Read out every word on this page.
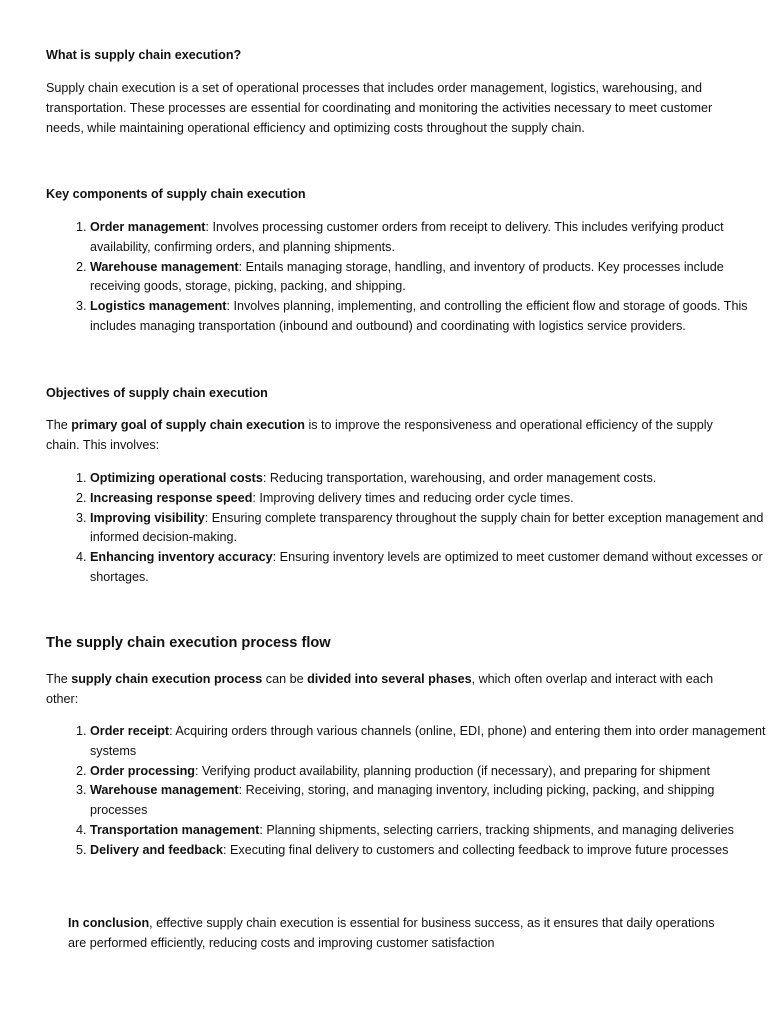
What is supply chain execution?

Supply chain execution is a set of operational processes that includes order management, logistics, warehousing, and transportation. These processes are essential for coordinating and monitoring the activities necessary to meet customer needs, while maintaining operational efficiency and optimizing costs throughout the supply chain.

Key components of supply chain execution
1. Order management: Involves processing customer orders from receipt to delivery. This includes verifying product availability, confirming orders, and planning shipments.
2. Warehouse management: Entails managing storage, handling, and inventory of products. Key processes include receiving goods, storage, picking, packing, and shipping.
3. Logistics management: Involves planning, implementing, and controlling the efficient flow and storage of goods. This includes managing transportation (inbound and outbound) and coordinating with logistics service providers.
Objectives of supply chain execution

The primary goal of supply chain execution is to improve the responsiveness and operational efficiency of the supply chain. This involves:

1. Optimizing operational costs: Reducing transportation, warehousing, and order management costs.
2. Increasing response speed: Improving delivery times and reducing order cycle times.
3. Improving visibility: Ensuring complete transparency throughout the supply chain for better exception management and informed decision-making.
4. Enhancing inventory accuracy: Ensuring inventory levels are optimized to meet customer demand without excesses or shortages.
The supply chain execution process flow

The supply chain execution process can be divided into several phases, which often overlap and interact with each other:

1. Order receipt: Acquiring orders through various channels (online, EDI, phone) and entering them into order management systems
2. Order processing: Verifying product availability, planning production (if necessary), and preparing for shipment
3. Warehouse management: Receiving, storing, and managing inventory, including picking, packing, and shipping processes
4. Transportation management: Planning shipments, selecting carriers, tracking shipments, and managing deliveries
5. Delivery and feedback: Executing final delivery to customers and collecting feedback to improve future processes

In conclusion, effective supply chain execution is essential for business success, as it ensures that daily operations are performed efficiently, reducing costs and improving customer satisfaction
